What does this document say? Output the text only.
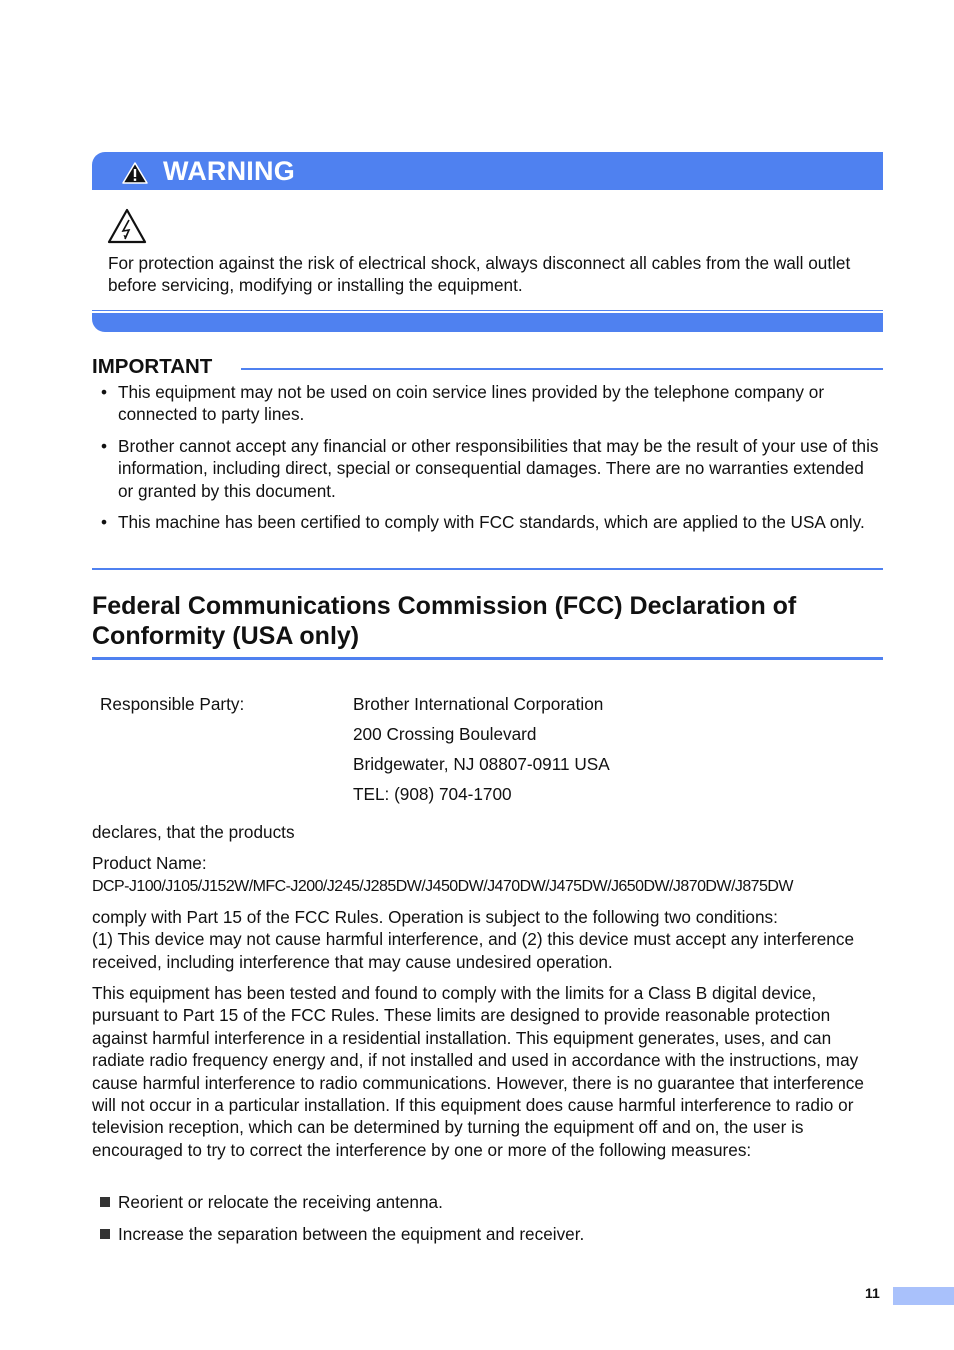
WARNING

For protection against the risk of electrical shock, always disconnect all cables from the wall outlet before servicing, modifying or installing the equipment.

IMPORTANT
• This equipment may not be used on coin service lines provided by the telephone company or connected to party lines.
• Brother cannot accept any financial or other responsibilities that may be the result of your use of this information, including direct, special or consequential damages. There are no warranties extended or granted by this document.
• This machine has been certified to comply with FCC standards, which are applied to the USA only.
Federal Communications Commission (FCC) Declaration of Conformity (USA only)
Responsible Party:	Brother International Corporation
200 Crossing Boulevard
Bridgewater, NJ 08807-0911 USA
TEL: (908) 704-1700

declares, that the products

Product Name:

DCP-J100/J105/J152W/MFC-J200/J245/J285DW/J450DW/J470DW/J475DW/J650DW/J870DW/J875DW

comply with Part 15 of the FCC Rules. Operation is subject to the following two conditions:
(1) This device may not cause harmful interference, and (2) this device must accept any interference received, including interference that may cause undesired operation.

This equipment has been tested and found to comply with the limits for a Class B digital device, pursuant to Part 15 of the FCC Rules. These limits are designed to provide reasonable protection against harmful interference in a residential installation. This equipment generates, uses, and can radiate radio frequency energy and, if not installed and used in accordance with the instructions, may cause harmful interference to radio communications. However, there is no guarantee that interference will not occur in a particular installation. If this equipment does cause harmful interference to radio or television reception, which can be determined by turning the equipment off and on, the user is encouraged to try to correct the interference by one or more of the following measures:

Reorient or relocate the receiving antenna.
Increase the separation between the equipment and receiver.
11
